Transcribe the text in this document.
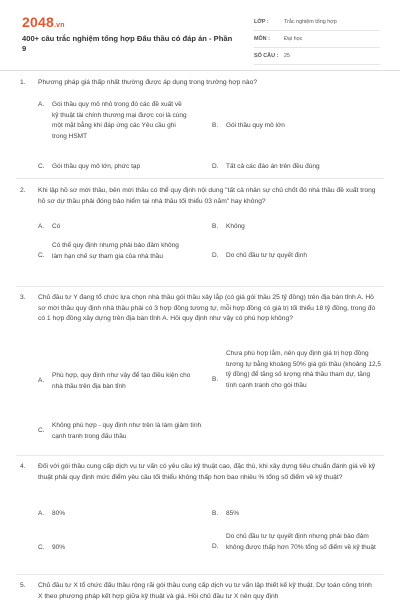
2048.vn
400+ câu trắc nghiệm tổng hợp Đấu thầu có đáp án - Phần 9
LỚP :	Trắc nghiệm tổng hợp
MÔN :	Đại học
SỐ CÂU :	25
1. Phương pháp giá thấp nhất thường được áp dụng trong trường hợp nào?
A. Gói thầu quy mô nhỏ trong đó các đề xuất về kỹ thuật tài chính thương mại được coi là cùng một mặt bằng khi đáp ứng các Yêu cầu ghi trong HSMT
B. Gói thầu quy mô lớn
C. Gói thầu quy mô lớn, phức tạp	D. Tất cả các đáo án trên đều đúng
2. Khi lập hồ sơ mời thầu, bên mời thầu có thể quy định nội dung "tất cả nhân sự chủ chốt đó nhà thầu đề xuất trong hồ sơ dự thầu phải đóng bảo hiểm tại nhà thầu tối thiểu 03 năm" hay không?
A. Có	B. Không
C.
Có thể quy định nhưng phải bảo đảm không làm hạn chế sự tham gia của nhà thầu	D. Do chủ đầu tư tự quyết định
3. Chủ đầu tư Y đang tổ chức lựa chọn nhà thầu gói thầu xây lắp (có giá gói thầu 25 tỷ đồng) trên địa bàn tỉnh A. Hồ sơ mời thầu quy định nhà thầu phải có 3 hợp đồng tương tự, mỗi hợp đồng có giá trị tối thiểu 18 tỷ đồng, trong đó có 1 hợp đồng xây dựng trên địa bàn tỉnh A. Hỏi quy định như vậy có phù hợp không?
A.
Phù hợp, quy định như vậy để tạo điều kiện cho nhà thầu trên địa bàn tỉnh
B.
Chưa phù hợp lắm, nên quy định giá trị hợp đồng tương tự bằng khoảng 50% giá gói thầu (khoảng 12,5 tỷ đồng) để tăng số lượng nhà thầu tham dự, tăng tính cạnh tranh cho gói thầu
C.
Không phù hợp - quy định như trên là làm giảm tính cạnh tranh trong đấu thầu
4. Đối với gói thầu cung cấp dịch vụ tư vấn có yêu cầu kỹ thuật cao, đặc thù, khi xây dựng tiêu chuẩn đánh giá về kỹ thuật phải quy định mức điểm yêu cầu tối thiểu không thấp hơn bao nhiêu % tổng số điểm về kỹ thuật?
A. 80%	B. 85%
C. 90%	D.
Do chủ đầu tư tự quyết định nhưng phải bảo đảm không được thấp hơn 70% tổng số điểm về kỹ thuật
5. Chủ đầu tư X tổ chức đấu thầu rộng rãi gói thầu cung cấp dịch vụ tư vấn lập thiết kế kỹ thuật. Dự toán công trình X theo phương pháp kết hợp giữa kỹ thuật và giá. Hồi chủ đầu tư X nên quy định
